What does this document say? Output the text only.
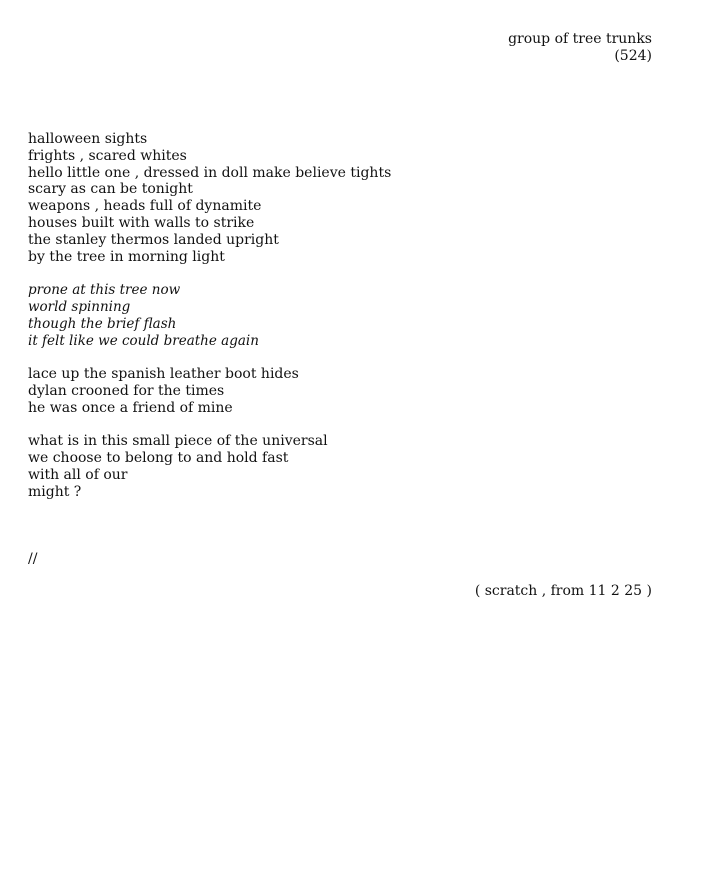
group of tree trunks
(524)
halloween sights
frights , scared whites
hello little one , dressed in doll make believe tights
scary as can be tonight
weapons , heads full of dynamite
houses built with walls to strike
the stanley thermos landed upright
by the tree in morning light
prone at this tree now
world spinning
though the brief flash
it felt like we could breathe again
lace up the spanish leather boot hides
dylan crooned for the times
he was once a friend of mine
what is in this small piece of the universal
we choose to belong to and hold fast
with all of our
might ?
//
( scratch , from 11 2 25 )
